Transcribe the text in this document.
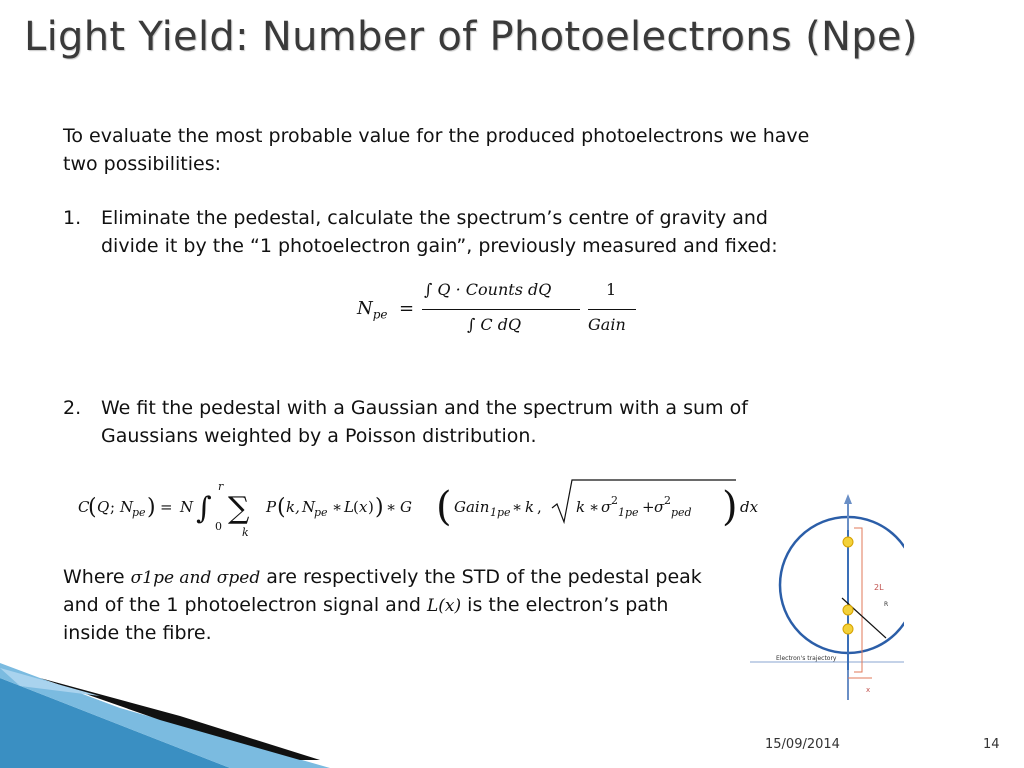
Light Yield: Number of Photoelectrons (Npe)
To evaluate the most probable value for the produced photoelectrons we have
two possibilities:
1. Eliminate the pedestal, calculate the spectrum’s centre of gravity and
divide it by the “1 photoelectron gain”, previously measured and fixed:
$N_{pe}$ =
∫ Q · Counts dQ
∫ C dQ
1
Gain
2. We fit the pedestal with a Gaussian and the spectrum with a sum of
Gaussians weighted by a Poisson distribution.
C
( Q ; N
pe ) = N ∫
r
0
∑
k
P ( k, N
pe ∗ L ( x ) ) ∗ G ( Gain 1pe ∗ k , k ∗ σ 2
1pe + σ 2
ped ) dx
Where σ1pe and σped are respectively the STD of the pedestal peak
and of the 1 photoelectron signal and L(x) is the electron’s path
inside the fibre.
2L
R
Electron's trajectory
x
15/09/2014	14
